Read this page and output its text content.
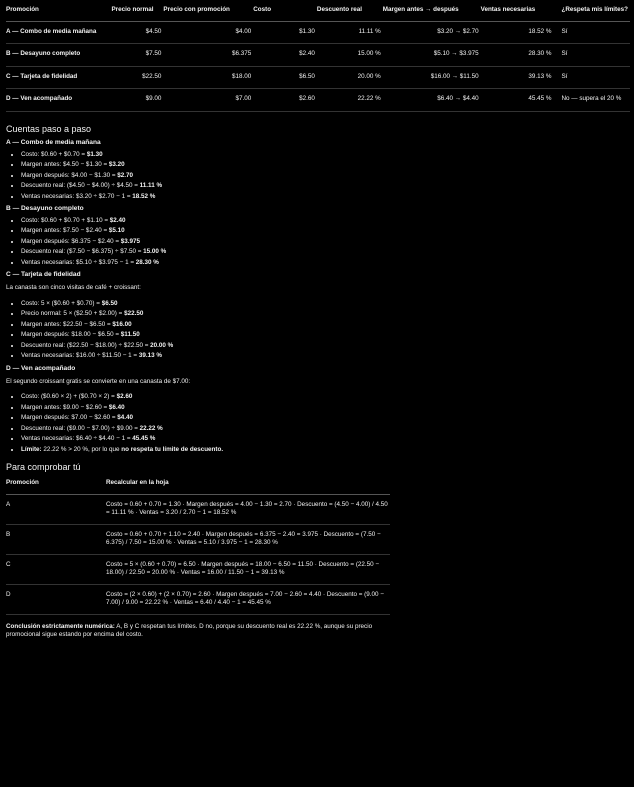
Promoción	Precio normal	Precio con promoción	Costo	Descuento real	Margen antes → después	Ventas necesarias	¿Respeta mis límites?
A — Combo de media mañana	$4.50	$4.00	$1.30	11.11 %	$3.20 → $2.70	18.52 %	Sí
B — Desayuno completo	$7.50	$6.375	$2.40	15.00 %	$5.10 → $3.975	28.30 %	Sí
C — Tarjeta de fidelidad	$22.50	$18.00	$6.50	20.00 %	$16.00 → $11.50	39.13 %	Sí
D — Ven acompañado	$9.00	$7.00	$2.60	22.22 %	$6.40 → $4.40	45.45 %	No — supera el 20 %
Cuentas paso a paso
A — Combo de media mañana
• Costo: $0.60 + $0.70 = $1.30
• Margen antes: $4.50 − $1.30 = $3.20
• Margen después: $4.00 − $1.30 = $2.70
• Descuento real: ($4.50 − $4.00) ÷ $4.50 = 11.11 %
• Ventas necesarias: $3.20 ÷ $2.70 − 1 = 18.52 %
B — Desayuno completo
• Costo: $0.60 + $0.70 + $1.10 = $2.40
• Margen antes: $7.50 − $2.40 = $5.10
• Margen después: $6.375 − $2.40 = $3.975
• Descuento real: ($7.50 − $6.375) ÷ $7.50 = 15.00 %
• Ventas necesarias: $5.10 ÷ $3.975 − 1 = 28.30 %
C — Tarjeta de fidelidad

La canasta son cinco visitas de café + croissant:

• Costo: 5 × ($0.60 + $0.70) = $6.50
• Precio normal: 5 × ($2.50 + $2.00) = $22.50
• Margen antes: $22.50 − $6.50 = $16.00
• Margen después: $18.00 − $6.50 = $11.50
• Descuento real: ($22.50 − $18.00) ÷ $22.50 = 20.00 %
• Ventas necesarias: $16.00 ÷ $11.50 − 1 = 39.13 %
D — Ven acompañado

El segundo croissant gratis se convierte en una canasta de $7.00:

• Costo: ($0.60 × 2) + ($0.70 × 2) = $2.60
• Margen antes: $9.00 − $2.60 = $6.40
• Margen después: $7.00 − $2.60 = $4.40
• Descuento real: ($9.00 − $7.00) ÷ $9.00 = 22.22 %
• Ventas necesarias: $6.40 ÷ $4.40 − 1 = 45.45 %
• Límite: 22.22 % > 20 %, por lo que no respeta tu límite de descuento.
Para comprobar tú
Promoción	Recalcular en la hoja
A	Costo = 0.60 + 0.70 = 1.30 · Margen después = 4.00 − 1.30 = 2.70 · Descuento = (4.50 − 4.00) / 4.50 = 11.11 % · Ventas = 3.20 / 2.70 − 1 = 18.52 %
B	Costo = 0.60 + 0.70 + 1.10 = 2.40 · Margen después = 6.375 − 2.40 = 3.975 · Descuento = (7.50 − 6.375) / 7.50 = 15.00 % · Ventas = 5.10 / 3.975 − 1 = 28.30 %
C	Costo = 5 × (0.60 + 0.70) = 6.50 · Margen después = 18.00 − 6.50 = 11.50 · Descuento = (22.50 − 18.00) / 22.50 = 20.00 % · Ventas = 16.00 / 11.50 − 1 = 39.13 %
D	Costo = (2 × 0.60) + (2 × 0.70) = 2.60 · Margen después = 7.00 − 2.60 = 4.40 · Descuento = (9.00 − 7.00) / 9.00 = 22.22 % · Ventas = 6.40 / 4.40 − 1 = 45.45 %

Conclusión estrictamente numérica: A, B y C respetan tus límites. D no, porque su descuento real es 22.22 %, aunque su precio promocional sigue estando por encima del costo.
